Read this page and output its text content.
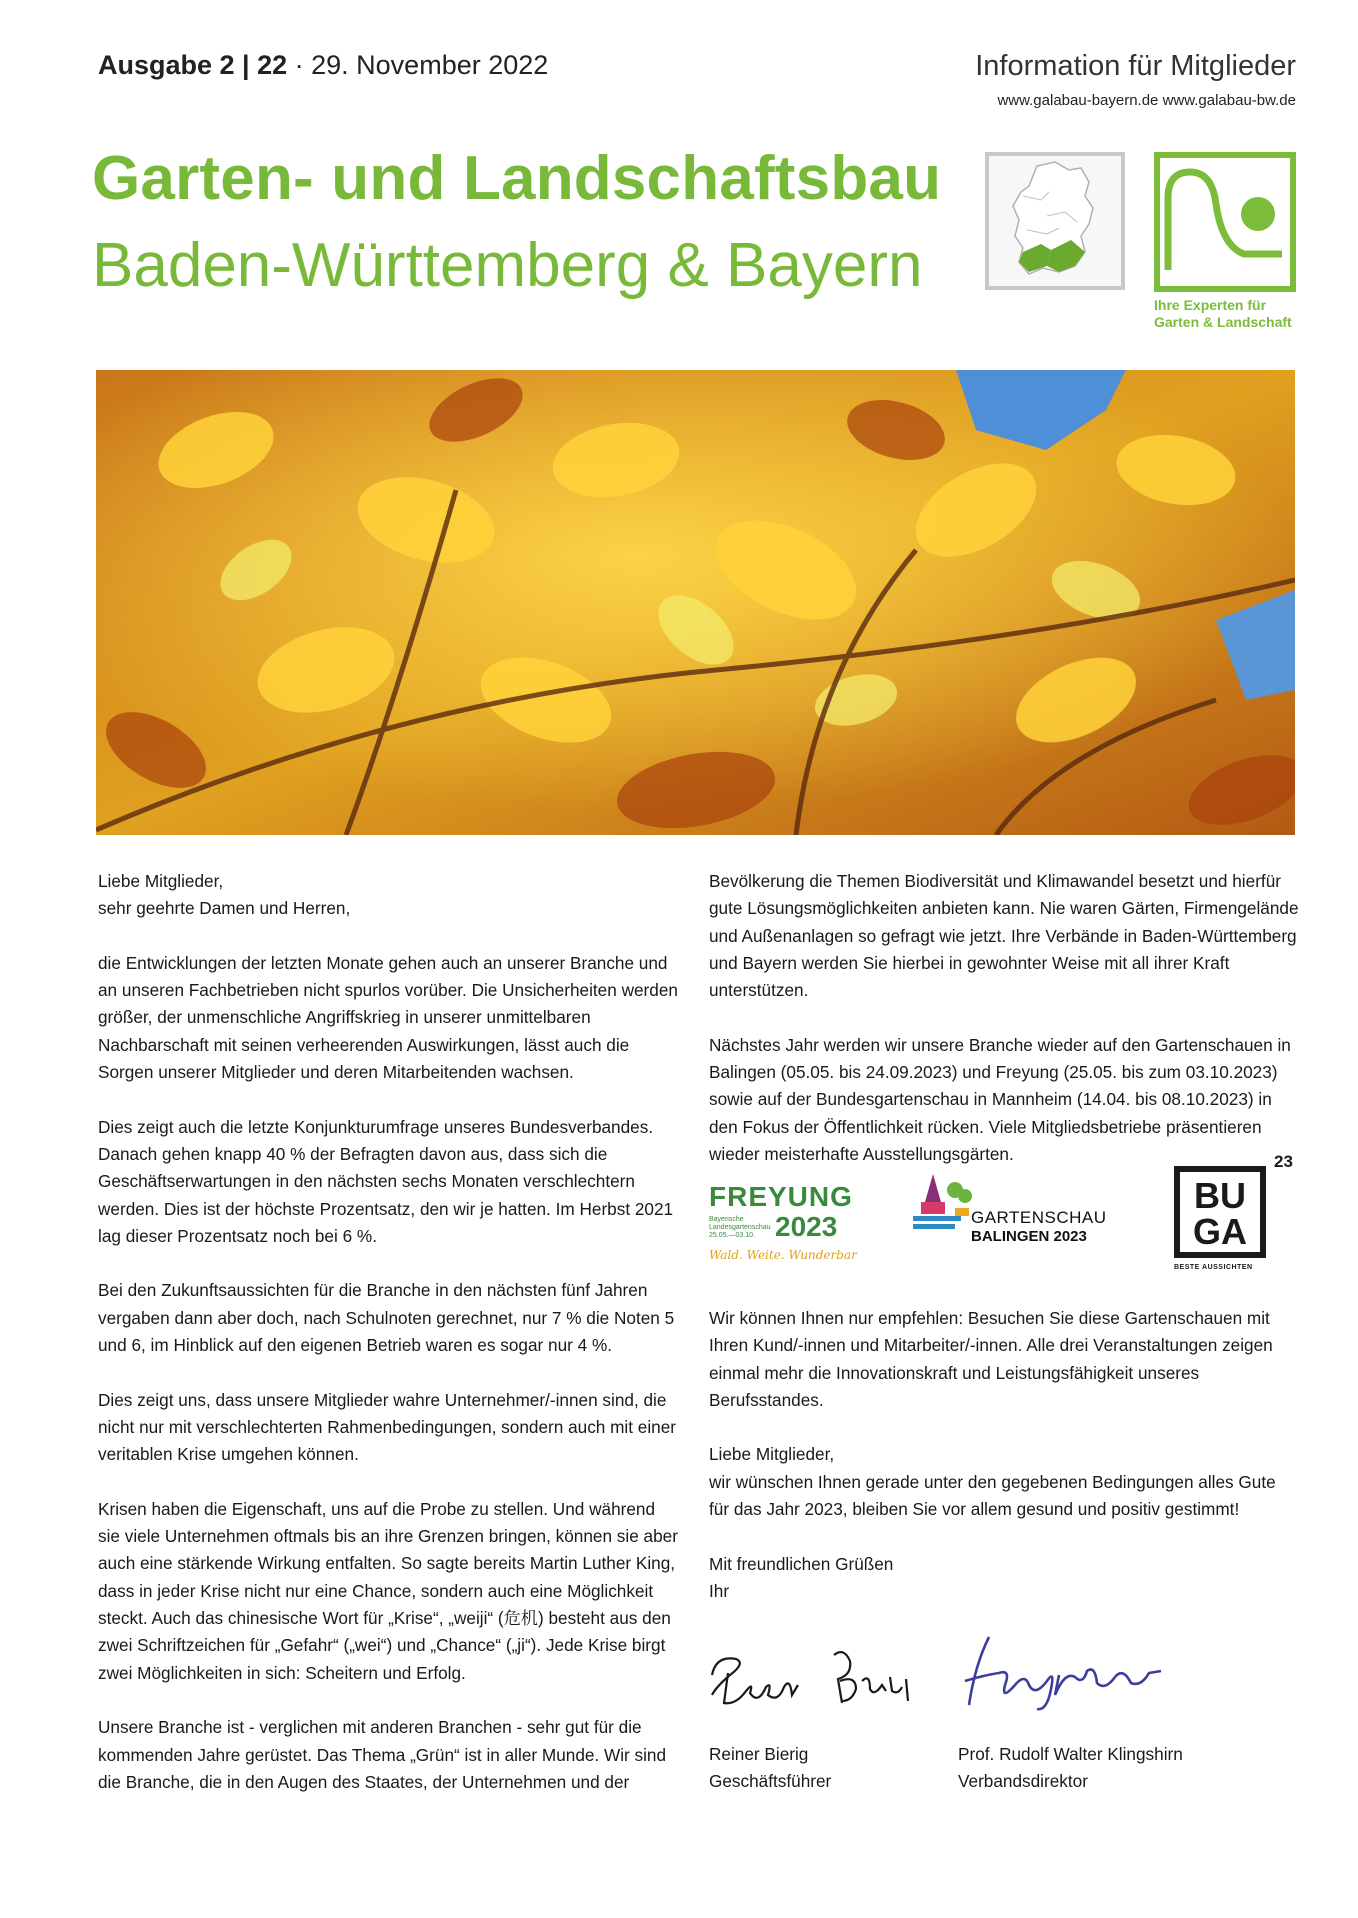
Ausgabe 2 | 22 · 29. November 2022	Information für Mitglieder
www.galabau-bayern.de www.galabau-bw.de
Garten- und Landschaftsbau
Baden-Württemberg & Bayern
Ihre Experten für
Garten & Landschaft

Liebe Mitglieder,
sehr geehrte Damen und Herren,

die Entwicklungen der letzten Monate gehen auch an unserer Branche und an unseren Fachbetrieben nicht spurlos vorüber. Die Unsicherheiten werden größer, der unmenschliche Angriffskrieg in unserer unmittelbaren Nachbarschaft mit seinen verheerenden Auswirkungen, lässt auch die Sorgen unserer Mitglieder und deren Mitarbeitenden wachsen.

Dies zeigt auch die letzte Konjunkturumfrage unseres Bundesverbandes. Danach gehen knapp 40 % der Befragten davon aus, dass sich die Geschäftserwartungen in den nächsten sechs Monaten verschlechtern werden. Dies ist der höchste Prozentsatz, den wir je hatten. Im Herbst 2021 lag dieser Prozentsatz noch bei 6 %.

Bei den Zukunftsaussichten für die Branche in den nächsten fünf Jahren vergaben dann aber doch, nach Schulnoten gerechnet, nur 7 % die Noten 5 und 6, im Hinblick auf den eigenen Betrieb waren es sogar nur 4 %.

Dies zeigt uns, dass unsere Mitglieder wahre Unternehmer/-innen sind, die nicht nur mit verschlechterten Rahmenbedingungen, sondern auch mit einer veritablen Krise umgehen können.

Krisen haben die Eigenschaft, uns auf die Probe zu stellen. Und während sie viele Unternehmen oftmals bis an ihre Grenzen bringen, können sie aber auch eine stärkende Wirkung entfalten. So sagte bereits Martin Luther King, dass in jeder Krise nicht nur eine Chance, sondern auch eine Möglichkeit steckt. Auch das chinesische Wort für „Krise“, „weiji“ (危机) besteht aus den zwei Schriftzeichen für „Gefahr“ („wei“) und „Chance“ („ji“). Jede Krise birgt zwei Möglichkeiten in sich: Scheitern und Erfolg.

Unsere Branche ist - verglichen mit anderen Branchen - sehr gut für die kommenden Jahre gerüstet. Das Thema „Grün“ ist in aller Munde. Wir sind die Branche, die in den Augen des Staates, der Unternehmen und der

Bevölkerung die Themen Biodiversität und Klimawandel besetzt und hierfür gute Lösungsmöglichkeiten anbieten kann. Nie waren Gärten, Firmengelände und Außenanlagen so gefragt wie jetzt. Ihre Verbände in Baden-Württemberg und Bayern werden Sie hierbei in gewohnter Weise mit all ihrer Kraft unterstützen.

Nächstes Jahr werden wir unsere Branche wieder auf den Gartenschauen in Balingen (05.05. bis 24.09.2023) und Freyung (25.05. bis zum 03.10.2023) sowie auf der Bundesgartenschau in Mannheim (14.04. bis 08.10.2023) in den Fokus der Öffentlichkeit rücken. Viele Mitgliedsbetriebe präsentieren wieder meisterhafte Ausstellungsgärten.

FREYUNG
Bayerische Landesgartenschau
25.05.—03.10. 2023
Wald. Weite. Wunderbar
GARTENSCHAU
BALINGEN 2023
BU
GA
23
BESTE AUSSICHTEN

Wir können Ihnen nur empfehlen: Besuchen Sie diese Gartenschauen mit Ihren Kund/-innen und Mitarbeiter/-innen. Alle drei Veranstaltungen zeigen einmal mehr die Innovationskraft und Leistungsfähigkeit unseres Berufsstandes.

Liebe Mitglieder,
wir wünschen Ihnen gerade unter den gegebenen Bedingungen alles Gute für das Jahr 2023, bleiben Sie vor allem gesund und positiv gestimmt!

Mit freundlichen Grüßen
Ihr

Reiner Bierig
Geschäftsführer
Prof. Rudolf Walter Klingshirn
Verbandsdirektor
